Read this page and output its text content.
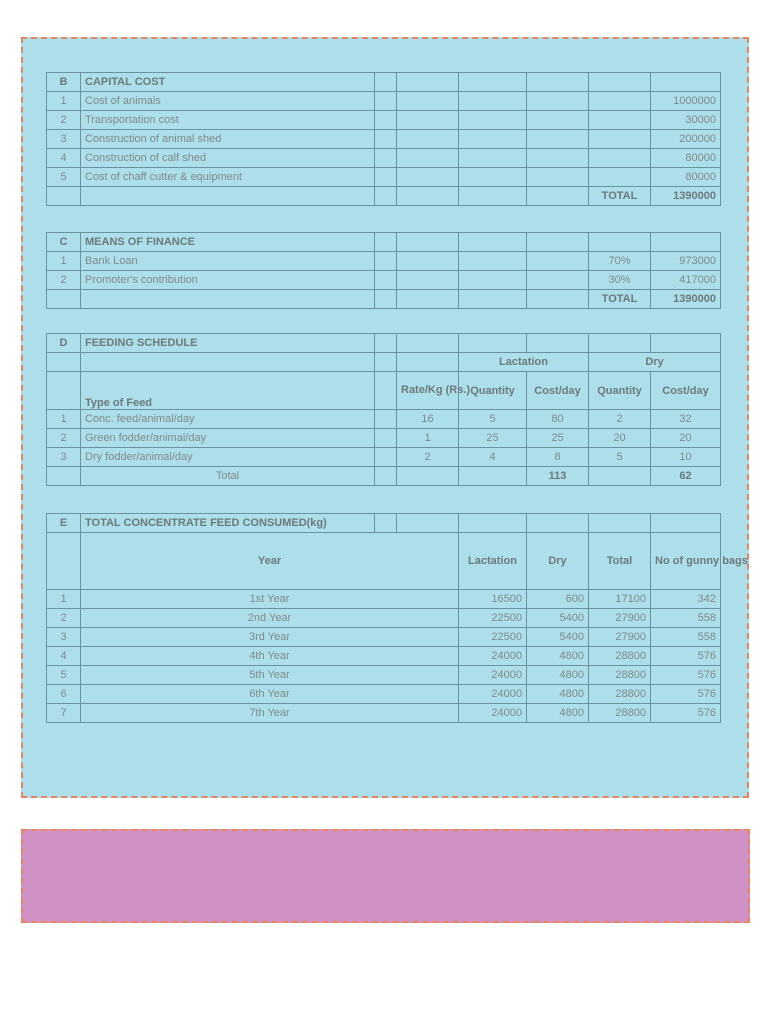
B	CAPITAL COST						
1	Cost of animals						1000000
2	Transportation cost						30000
3	Construction of animal shed						200000
4	Construction of calf shed						80000
5	Cost of chaff cutter & equipment						80000
						TOTAL	1390000
C	MEANS OF FINANCE						
1	Bank Loan					70%	973000
2	Promoter's contribution					30%	417000
						TOTAL	1390000
D	FEEDING SCHEDULE						
				Lactation		Dry	
	Type of Feed		Rate/Kg (Rs.)	Quantity	Cost/day	Quantity	Cost/day
1	Conc. feed/animal/day		16	5	80	2	32
2	Green fodder/animal/day		1	25	25	20	20
3	Dry fodder/animal/day		2	4	8	5	10
	Total				113		62
E	TOTAL CONCENTRATE FEED CONSUMED(kg)						
	Year			Lactation	Dry	Total	No of gunny bags
1	1st Year			16500	600	17100	342
2	2nd Year			22500	5400	27900	558
3	3rd Year			22500	5400	27900	558
4	4th Year			24000	4800	28800	576
5	5th Year			24000	4800	28800	576
6	6th Year			24000	4800	28800	576
7	7th Year			24000	4800	28800	576
